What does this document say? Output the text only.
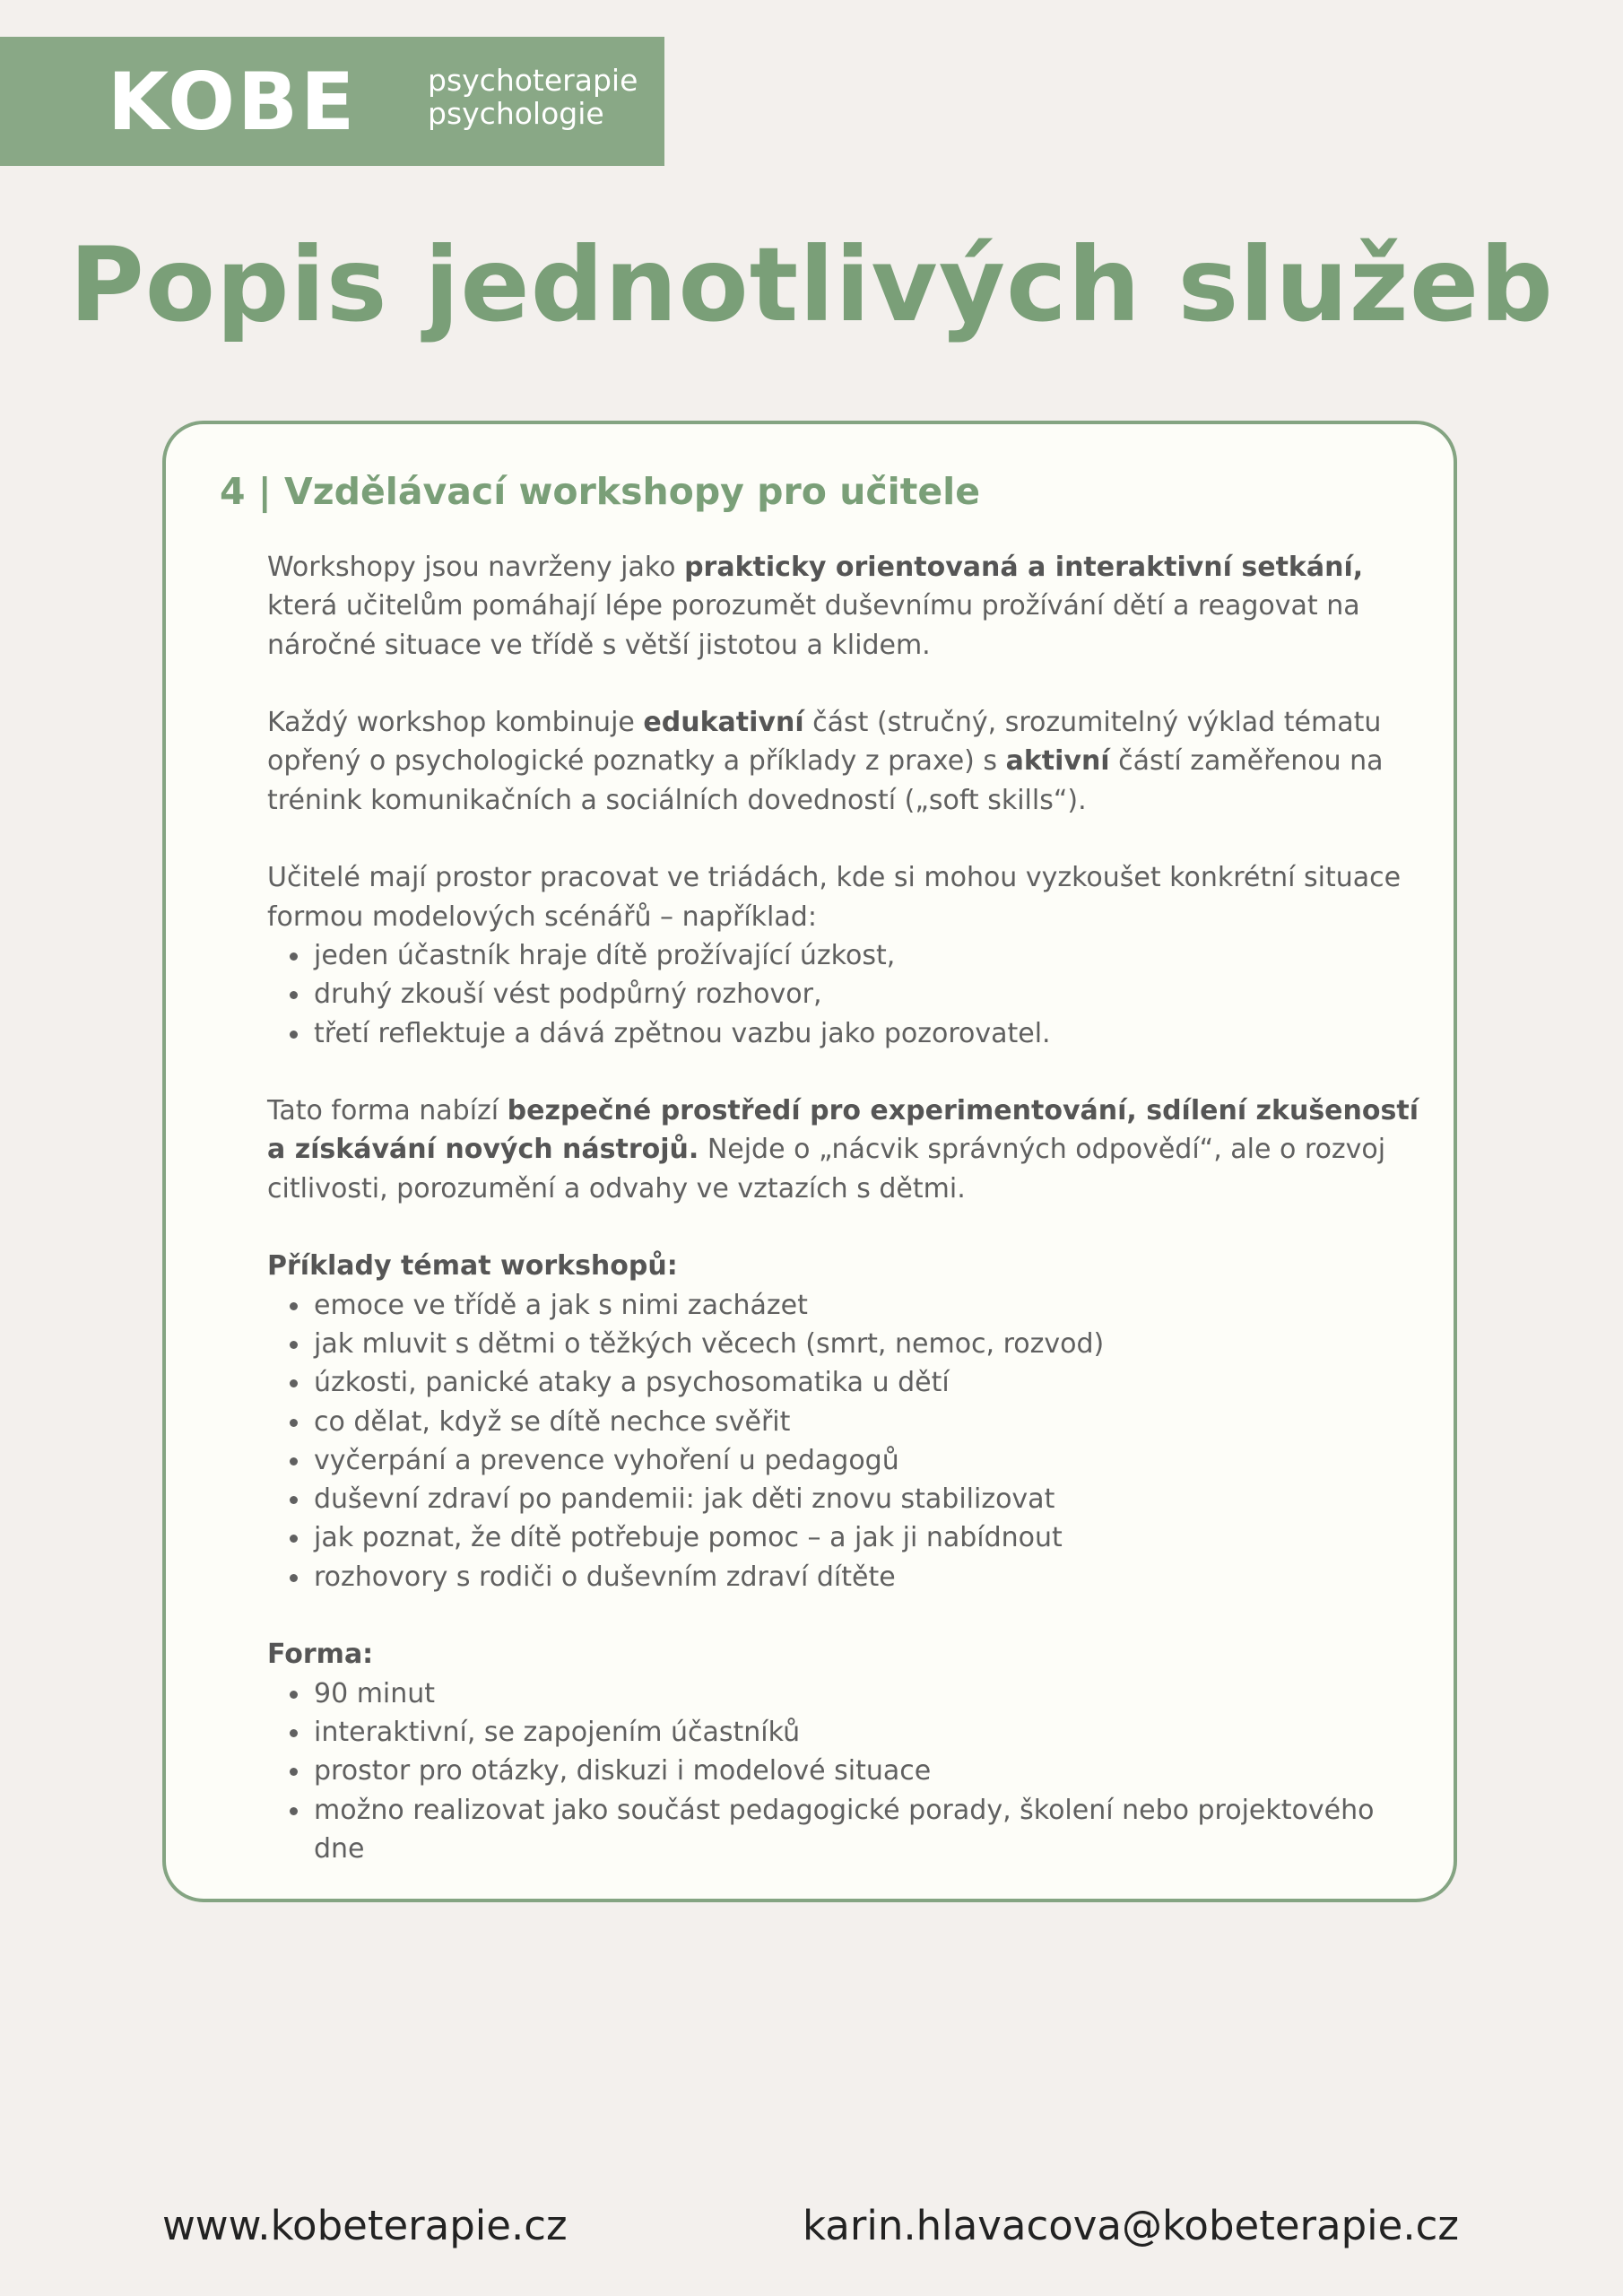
KOBE psychoterapie
psychologie
Popis jednotlivých služeb
4 | Vzdělávací workshopy pro učitele

Workshopy jsou navrženy jako prakticky orientovaná a interaktivní setkání, která učitelům pomáhají lépe porozumět duševnímu prožívání dětí a reagovat na náročné situace ve třídě s větší jistotou a klidem.

Každý workshop kombinuje edukativní část (stručný, srozumitelný výklad tématu opřený o psychologické poznatky a příklady z praxe) s aktivní částí zaměřenou na trénink komunikačních a sociálních dovedností („soft skills“).

Učitelé mají prostor pracovat ve triádách, kde si mohou vyzkoušet konkrétní situace formou modelových scénářů – například:
jeden účastník hraje dítě prožívající úzkost,
druhý zkouší vést podpůrný rozhovor,
třetí reflektuje a dává zpětnou vazbu jako pozorovatel.

Tato forma nabízí bezpečné prostředí pro experimentování, sdílení zkušeností a získávání nových nástrojů. Nejde o „nácvik správných odpovědí“, ale o rozvoj citlivosti, porozumění a odvahy ve vztazích s dětmi.

Příklady témat workshopů:
emoce ve třídě a jak s nimi zacházet
jak mluvit s dětmi o těžkých věcech (smrt, nemoc, rozvod)
úzkosti, panické ataky a psychosomatika u dětí
co dělat, když se dítě nechce svěřit
vyčerpání a prevence vyhoření u pedagogů
duševní zdraví po pandemii: jak děti znovu stabilizovat
jak poznat, že dítě potřebuje pomoc – a jak ji nabídnout
rozhovory s rodiči o duševním zdraví dítěte
Forma:
90 minut
interaktivní, se zapojením účastníků
prostor pro otázky, diskuzi i modelové situace
možno realizovat jako součást pedagogické porady, školení nebo projektového dne
www.kobeterapie.cz	karin.hlavacova@kobeterapie.cz
